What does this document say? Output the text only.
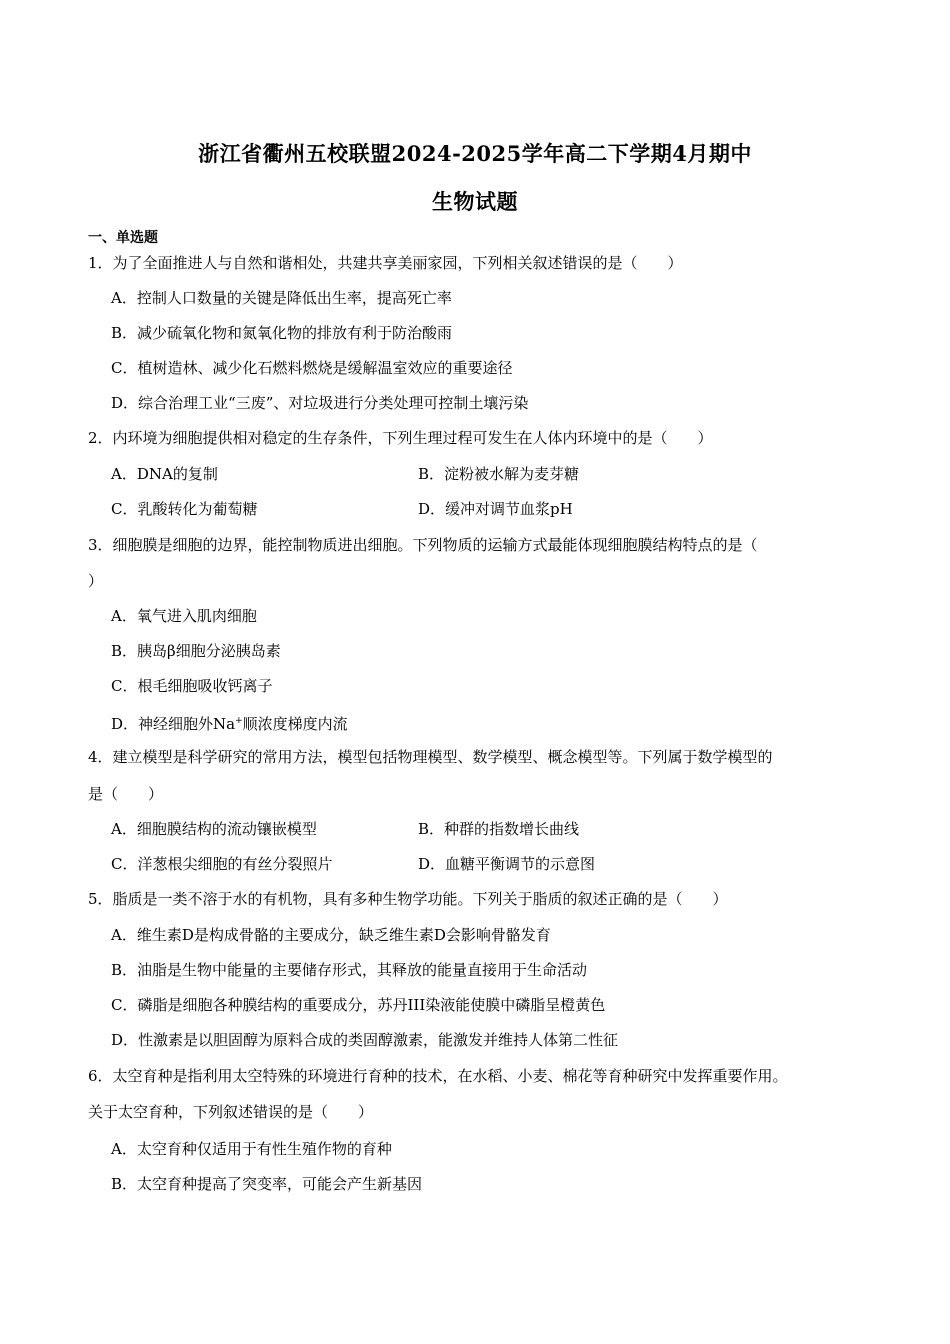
浙江省衢州五校联盟2024-2025学年高二下学期4月期中
生物试题
一、单选题
1．为了全面推进人与自然和谐相处，共建共享美丽家园，下列相关叙述错误的是（　　）
A．控制人口数量的关键是降低出生率，提高死亡率
B．减少硫氧化物和氮氧化物的排放有利于防治酸雨
C．植树造林、减少化石燃料燃烧是缓解温室效应的重要途径
D．综合治理工业“三废”、对垃圾进行分类处理可控制土壤污染
2．内环境为细胞提供相对稳定的生存条件，下列生理过程可发生在人体内环境中的是（　　）
A．DNA的复制	B．淀粉被水解为麦芽糖
C．乳酸转化为葡萄糖	D．缓冲对调节血浆pH
3．细胞膜是细胞的边界，能控制物质进出细胞。下列物质的运输方式最能体现细胞膜结构特点的是（
）
A．氧气进入肌肉细胞
B．胰岛β细胞分泌胰岛素
C．根毛细胞吸收钙离子
D．神经细胞外Na+顺浓度梯度内流
4．建立模型是科学研究的常用方法，模型包括物理模型、数学模型、概念模型等。下列属于数学模型的
是（　　）
A．细胞膜结构的流动镶嵌模型	B．种群的指数增长曲线
C．洋葱根尖细胞的有丝分裂照片	D．血糖平衡调节的示意图
5．脂质是一类不溶于水的有机物，具有多种生物学功能。下列关于脂质的叙述正确的是（　　）
A．维生素D是构成骨骼的主要成分，缺乏维生素D会影响骨骼发育
B．油脂是生物中能量的主要储存形式，其释放的能量直接用于生命活动
C．磷脂是细胞各种膜结构的重要成分，苏丹III染液能使膜中磷脂呈橙黄色
D．性激素是以胆固醇为原料合成的类固醇激素，能激发并维持人体第二性征
6．太空育种是指利用太空特殊的环境进行育种的技术，在水稻、小麦、棉花等育种研究中发挥重要作用。
关于太空育种，下列叙述错误的是（　　）
A．太空育种仅适用于有性生殖作物的育种
B．太空育种提高了突变率，可能会产生新基因
